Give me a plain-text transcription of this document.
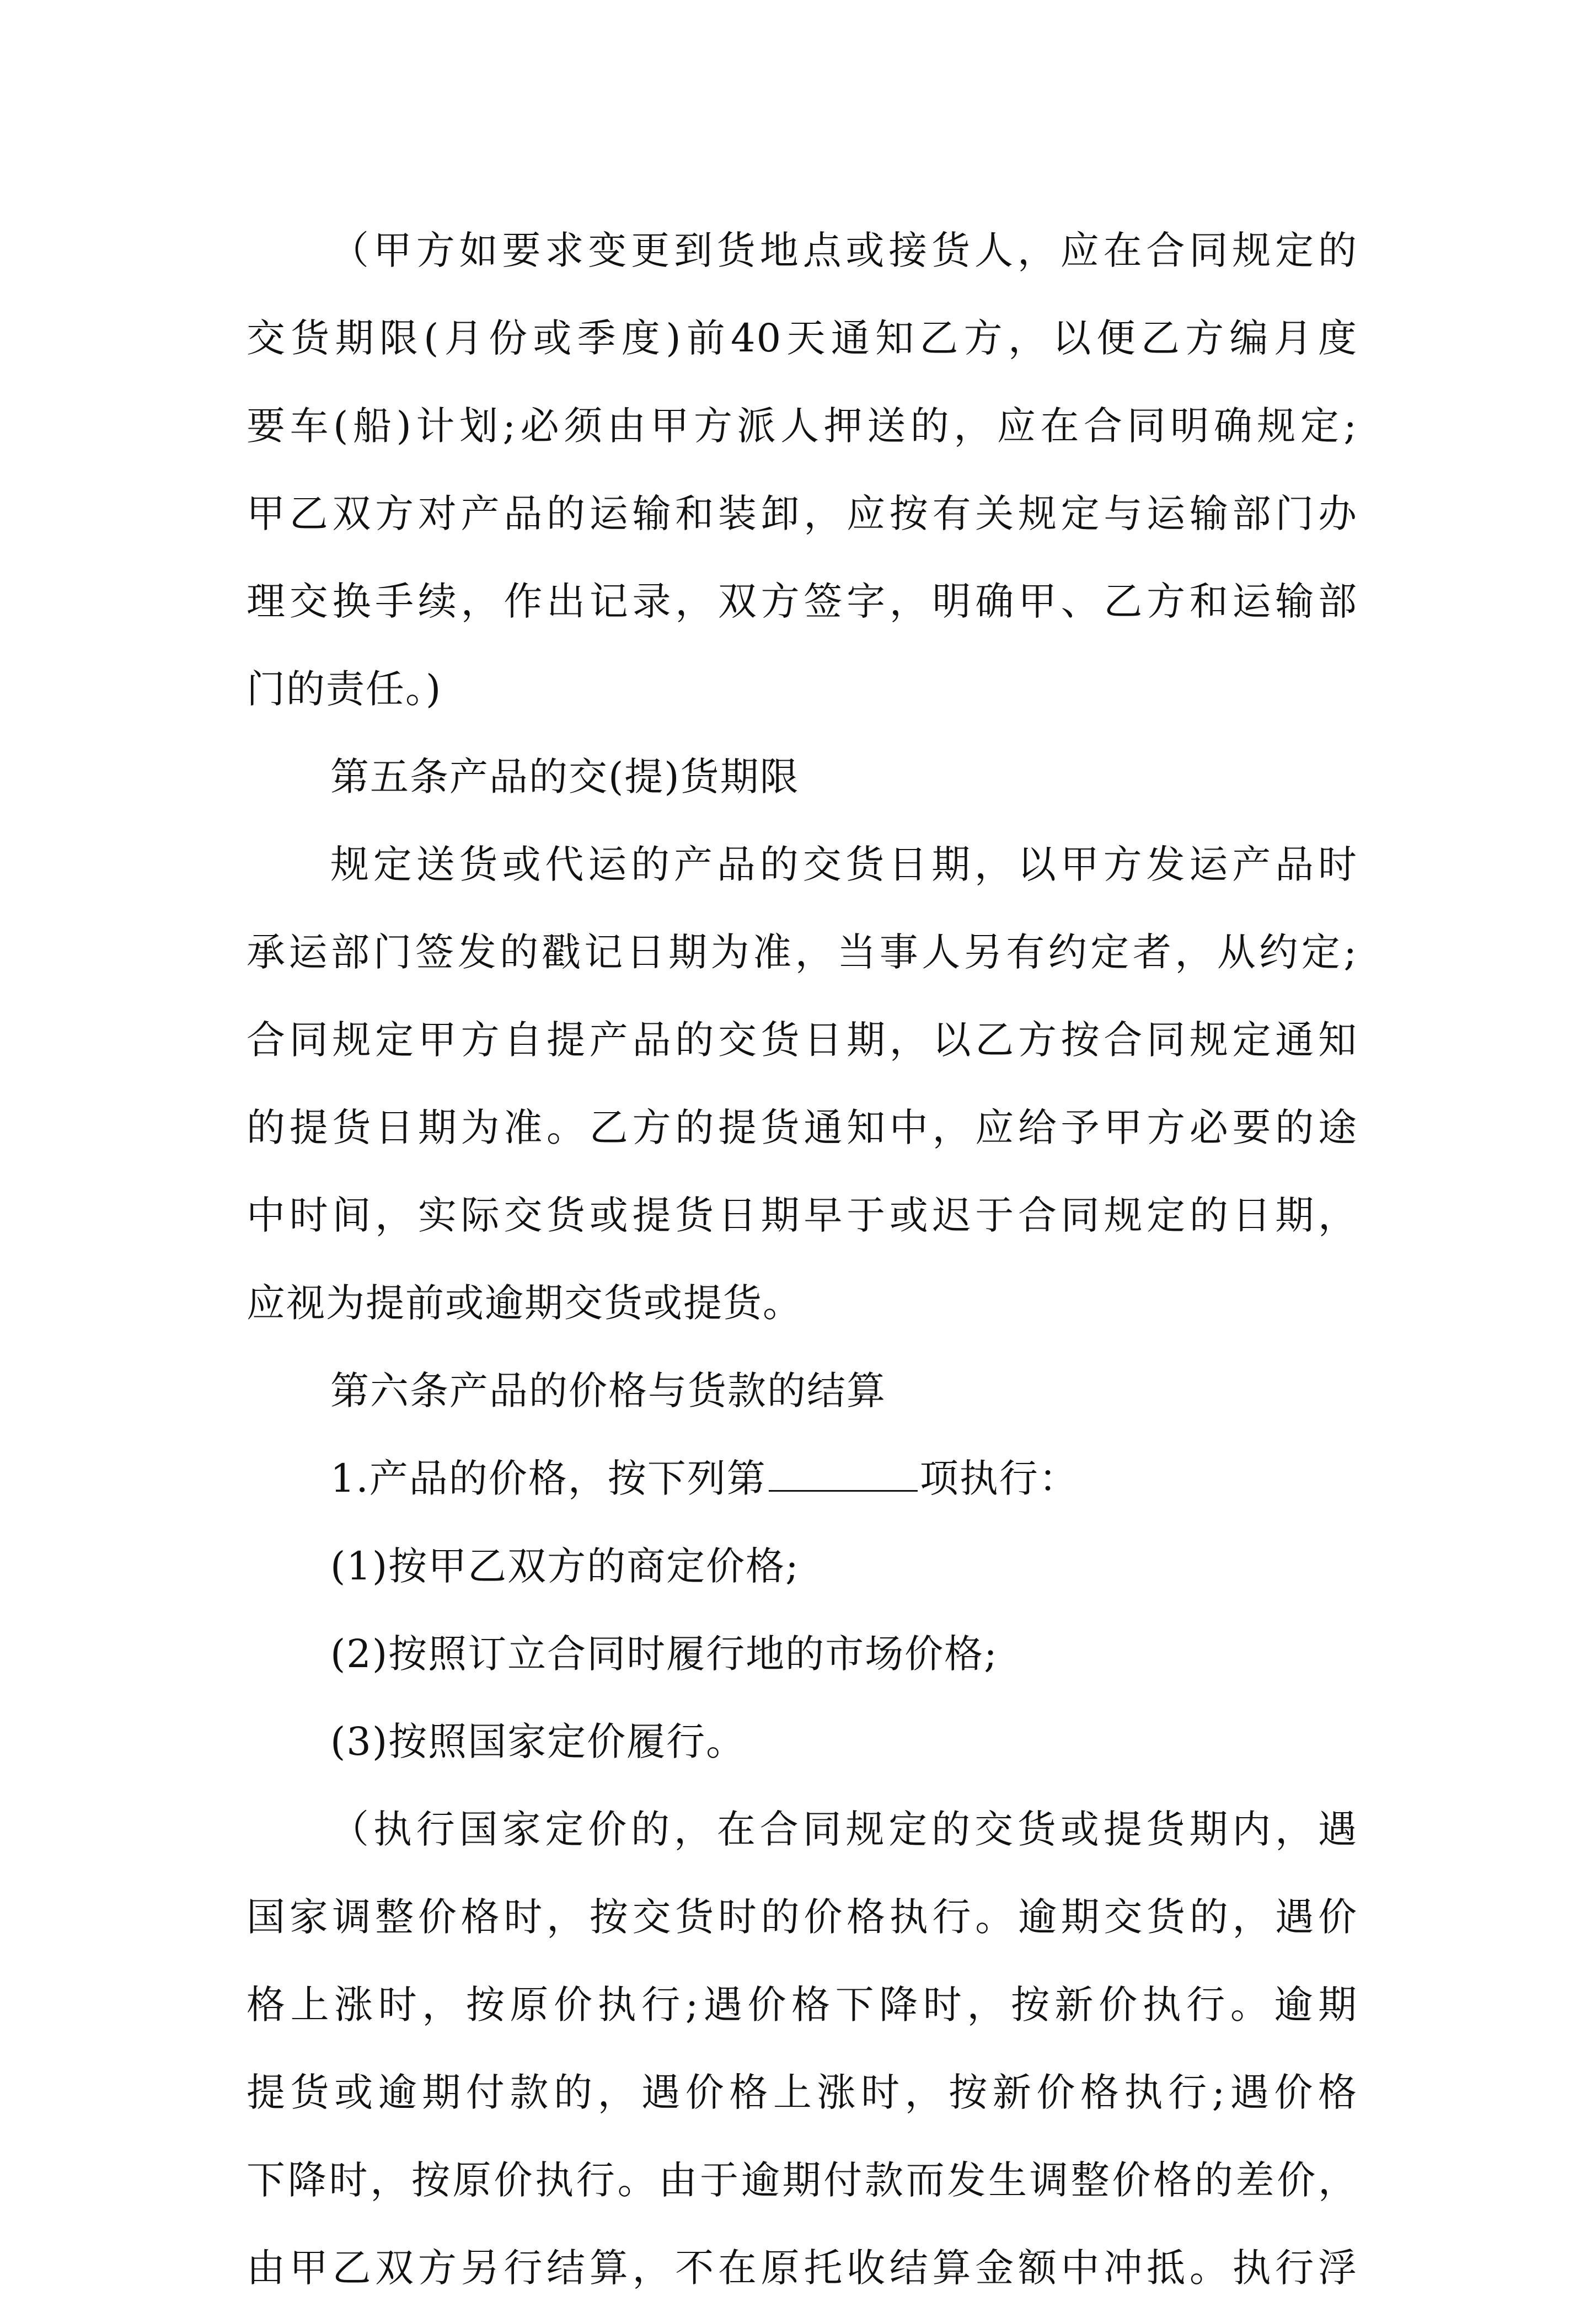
（甲方如要求变更到货地点或接货人，应在合同规定的
交货期限(月份或季度)前40天通知乙方，以便乙方编月度
要车(船)计划;必须由甲方派人押送的，应在合同明确规定;
甲乙双方对产品的运输和装卸，应按有关规定与运输部门办
理交换手续，作出记录，双方签字，明确甲、乙方和运输部
门的责任。)
第五条产品的交(提)货期限
规定送货或代运的产品的交货日期，以甲方发运产品时
承运部门签发的戳记日期为准，当事人另有约定者，从约定;
合同规定甲方自提产品的交货日期，以乙方按合同规定通知
的提货日期为准。乙方的提货通知中，应给予甲方必要的途
中时间，实际交货或提货日期早于或迟于合同规定的日期，
应视为提前或逾期交货或提货。
第六条产品的价格与货款的结算
1.产品的价格，按下列第	项执行：
(1)按甲乙双方的商定价格;
(2)按照订立合同时履行地的市场价格;
(3)按照国家定价履行。
（执行国家定价的，在合同规定的交货或提货期内，遇
国家调整价格时，按交货时的价格执行。逾期交货的，遇价
格上涨时，按原价执行;遇价格下降时，按新价执行。逾期
提货或逾期付款的，遇价格上涨时，按新价格执行;遇价格
下降时，按原价执行。由于逾期付款而发生调整价格的差价，
由甲乙双方另行结算，不在原托收结算金额中冲抵。执行浮
